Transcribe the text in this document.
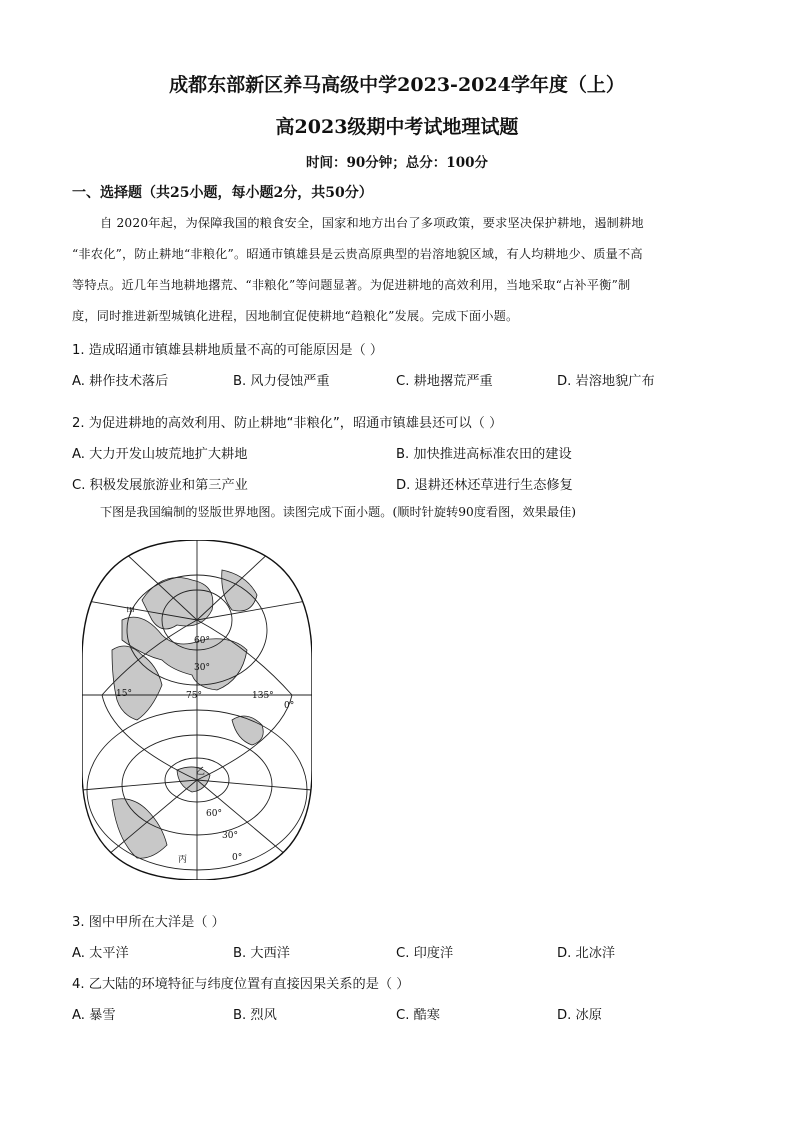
成都东部新区养马高级中学2023-2024学年度（上）
高2023级期中考试地理试题
时间：90分钟；总分：100分
一、选择题（共25小题，每小题2分，共50分）

自 2020年起，为保障我国的粮食安全，国家和地方出台了多项政策，要求坚决保护耕地，遏制耕地

“非农化”，防止耕地“非粮化”。昭通市镇雄县是云贵高原典型的岩溶地貌区域，有人均耕地少、质量不高

等特点。近几年当地耕地撂荒、“非粮化”等问题显著。为促进耕地的高效利用，当地采取“占补平衡”制

度，同时推进新型城镇化进程，因地制宜促使耕地“趋粮化”发展。完成下面小题。

1. 造成昭通市镇雄县耕地质量不高的可能原因是（ ）
A. 耕作技术落后	B. 风力侵蚀严重	C. 耕地撂荒严重	D. 岩溶地貌广布
2. 为促进耕地的高效利用、防止耕地“非粮化”，昭通市镇雄县还可以（ ）
A. 大力开发山坡荒地扩大耕地	B. 加快推进高标准农田的建设
C. 积极发展旅游业和第三产业	D. 退耕还林还草进行生态修复
下图是我国编制的竖版世界地图。读图完成下面小题。(顺时针旋转90度看图，效果最佳)
甲
乙
丙
60°
30°
15°	75°	135°
0°
60°
30°
0°
3. 图中甲所在大洋是（ ）
A. 太平洋	B. 大西洋	C. 印度洋	D. 北冰洋
4. 乙大陆的环境特征与纬度位置有直接因果关系的是（ ）
A. 暴雪	B. 烈风	C. 酷寒	D. 冰原
